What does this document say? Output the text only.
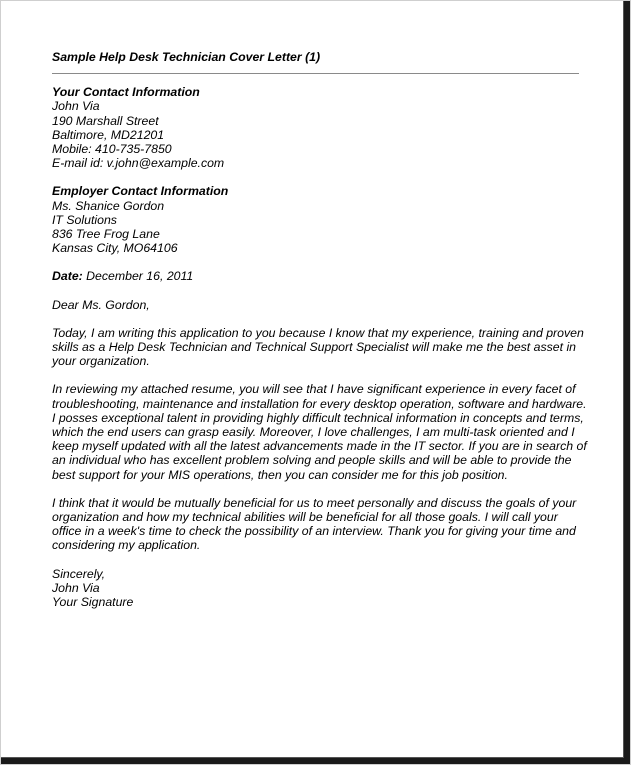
Sample Help Desk Technician Cover Letter (1)
Your Contact Information
John Via
190 Marshall Street
Baltimore, MD21201
Mobile: 410-735-7850
E-mail id: v.john@example.com
Employer Contact Information
Ms. Shanice Gordon
IT Solutions
836 Tree Frog Lane
Kansas City, MO64106
Date: December 16, 2011
Dear Ms. Gordon,
Today, I am writing this application to you because I know that my experience, training and proven
skills as a Help Desk Technician and Technical Support Specialist will make me the best asset in
your organization.
In reviewing my attached resume, you will see that I have significant experience in every facet of
troubleshooting, maintenance and installation for every desktop operation, software and hardware.
I posses exceptional talent in providing highly difficult technical information in concepts and terms,
which the end users can grasp easily. Moreover, I love challenges, I am multi-task oriented and I
keep myself updated with all the latest advancements made in the IT sector. If you are in search of
an individual who has excellent problem solving and people skills and will be able to provide the
best support for your MIS operations, then you can consider me for this job position.
I think that it would be mutually beneficial for us to meet personally and discuss the goals of your
organization and how my technical abilities will be beneficial for all those goals. I will call your
office in a week's time to check the possibility of an interview. Thank you for giving your time and
considering my application.
Sincerely,
John Via
Your Signature
